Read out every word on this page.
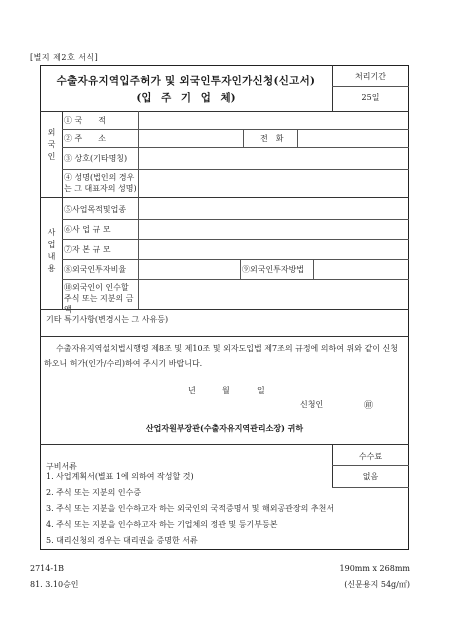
[별지 제2호 서식]
수출자유지역입주허가 및 외국인투자인가신청(신고서)
(입 주 기 업 체)
처리기간
25일
외국인
① 국　　적
② 주　　소	전　화
③ 상호(기타명칭)
④ 성명(법인의 경우는 그 대표자의 성명)
사업내용
⑤사업목적및업종
⑥사 업 규 모
⑦자 본 규 모
⑧외국인투자비율	⑨외국인투자방법
⑩외국인이 인수할 주식 또는 지분의 금액
기타 특기사항(변경시는 그 사유등)
수출자유지역설치법시행령 제8조 및 제10조 및 외자도입법 제7조의 규정에 의하여 위와 같이 신청하오니 허가(인가/수리)하여 주시기 바랍니다.
년	월	일
신청인	㊞
산업자원부장관(수출자유지역관리소장) 귀하
수수료
없음
구비서류
1. 사업계획서(별표 1에 의하여 작성할 것)
2. 주식 또는 지분의 인수증
3. 주식 또는 지분을 인수하고자 하는 외국인의 국적증명서 및 해외공관장의 추천서
4. 주식 또는 지분을 인수하고자 하는 기업체의 정관 및 등기부등본
5. 대리신청의 경우는 대리권을 증명한 서류
2714-1B
81. 3.10승인
190mm x 268mm
(신문용지 54g/㎡)
